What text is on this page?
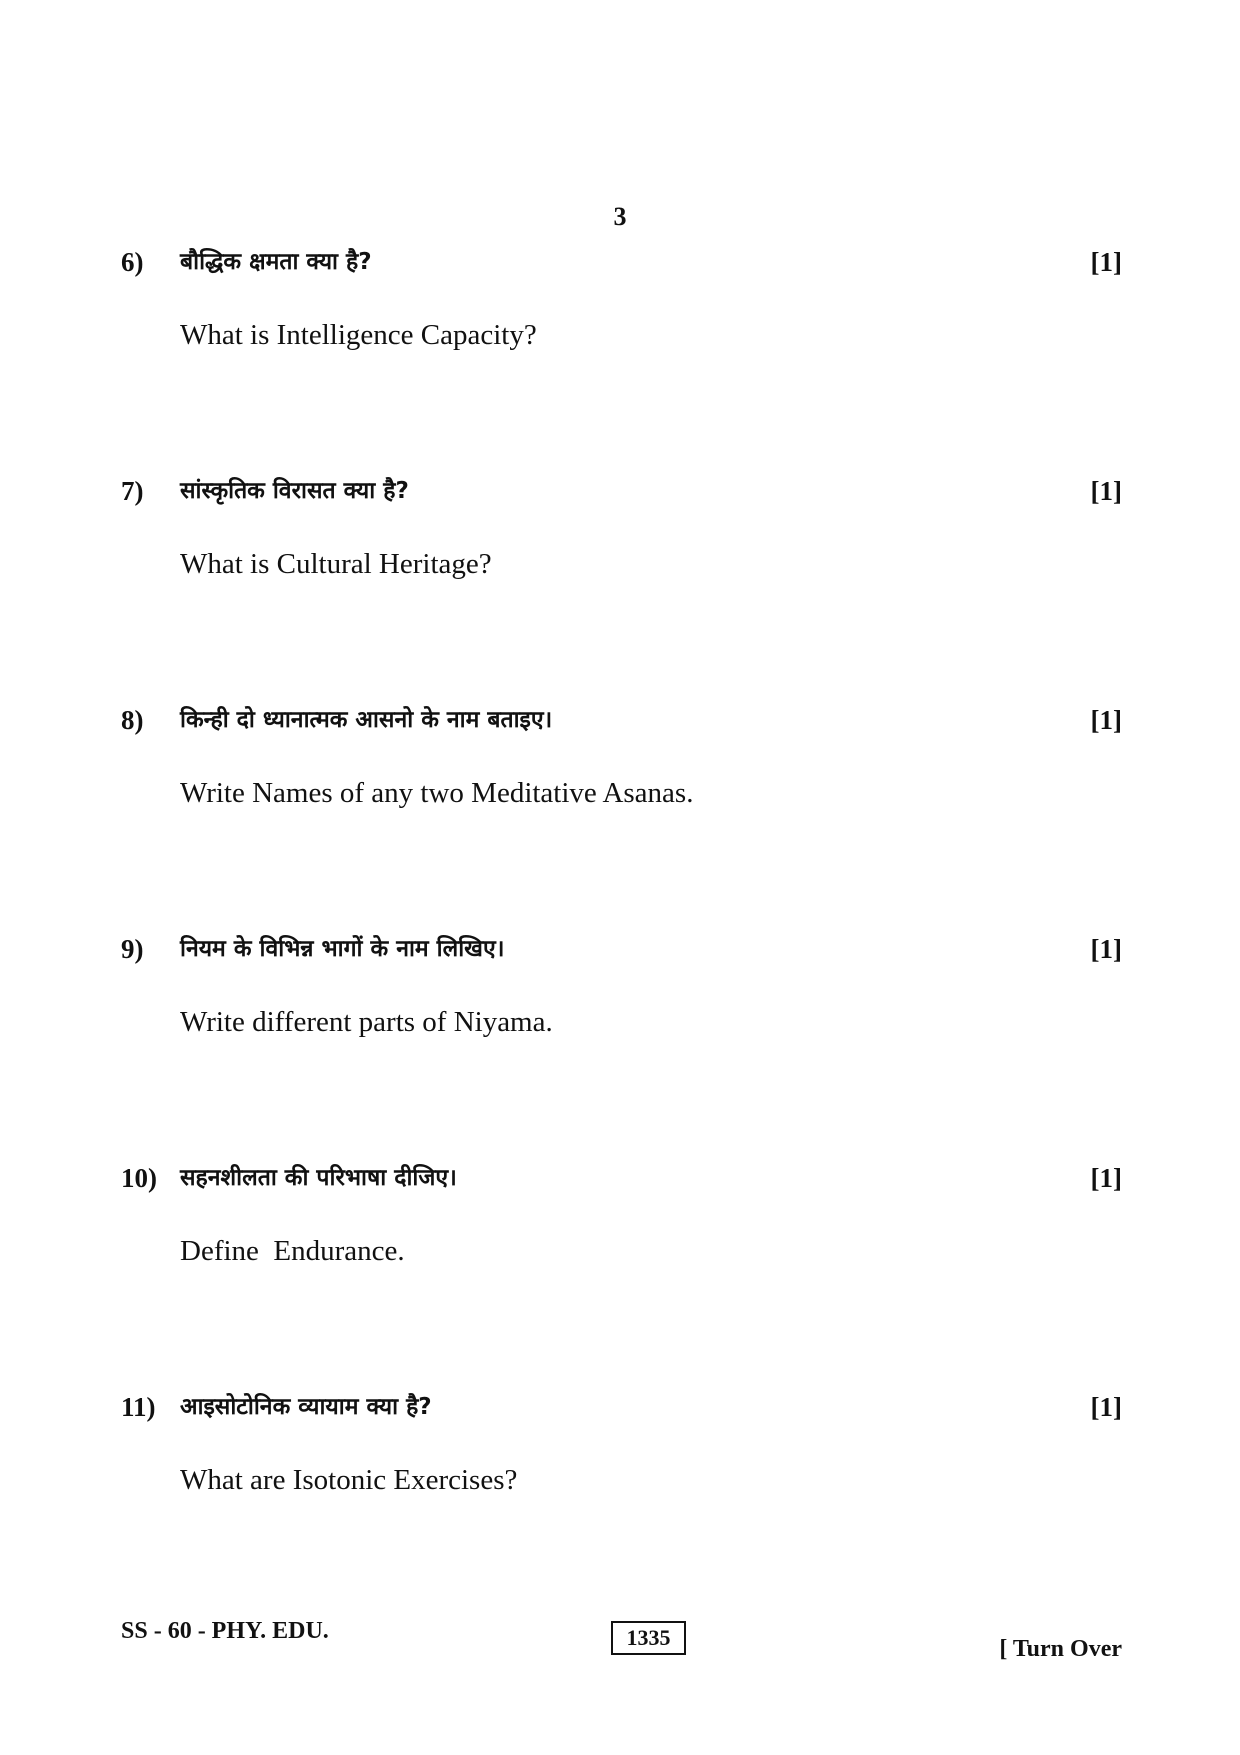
3
6) बौद्धिक क्षमता क्या है?	[1]
What is Intelligence Capacity?
7) सांस्कृतिक विरासत क्या है?	[1]
What is Cultural Heritage?
8) किन्ही दो ध्यानात्मक आसनो के नाम बताइए।	[1]
Write Names of any two Meditative Asanas.
9) नियम के विभिन्न भागों के नाम लिखिए।	[1]
Write different parts of Niyama.
10) सहनशीलता की परिभाषा दीजिए।	[1]
Define  Endurance.
11) आइसोटोनिक व्यायाम क्या है?	[1]
What are Isotonic Exercises?
SS - 60 - PHY. EDU.	1335	[ Turn Over
